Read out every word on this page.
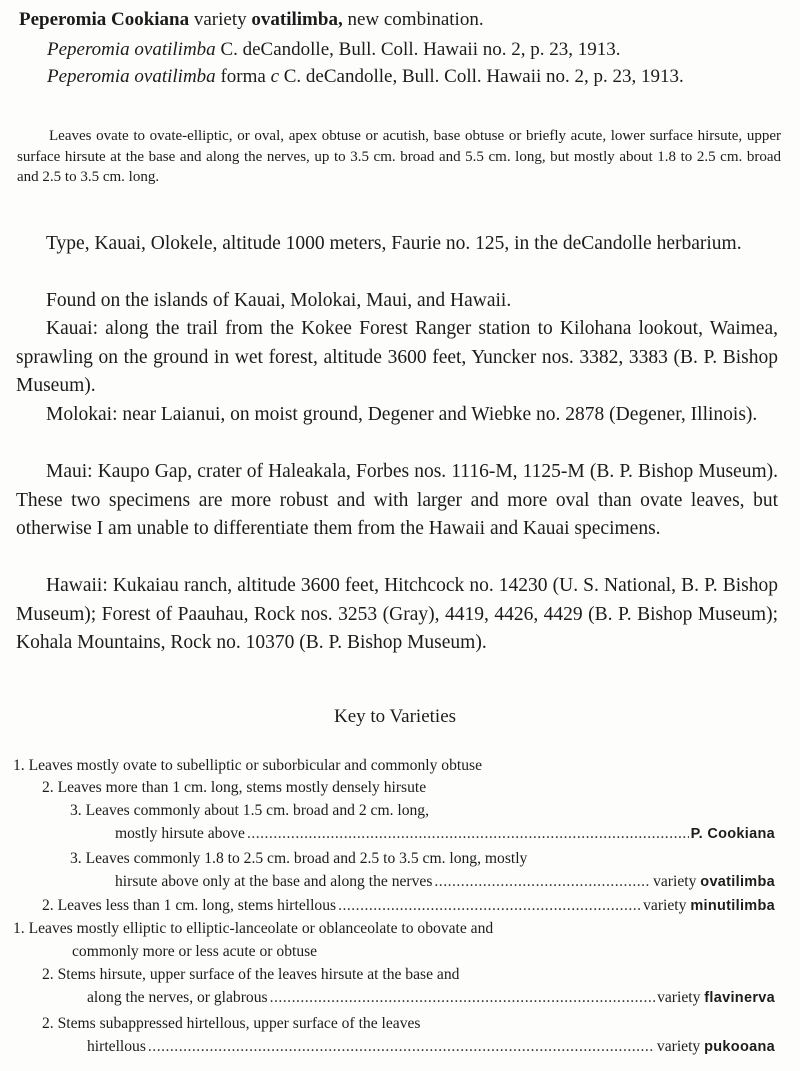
Peperomia Cookiana variety ovatilimba, new combination.
Peperomia ovatilimba C. deCandolle, Bull. Coll. Hawaii no. 2, p. 23, 1913.
Peperomia ovatilimba forma c C. deCandolle, Bull. Coll. Hawaii no. 2, p. 23, 1913.
Leaves ovate to ovate-elliptic, or oval, apex obtuse or acutish, base obtuse or briefly acute, lower surface hirsute, upper surface hirsute at the base and along the nerves, up to 3.5 cm. broad and 5.5 cm. long, but mostly about 1.8 to 2.5 cm. broad and 2.5 to 3.5 cm. long.
Type, Kauai, Olokele, altitude 1000 meters, Faurie no. 125, in the deCandolle herbarium.
Found on the islands of Kauai, Molokai, Maui, and Hawaii.
Kauai: along the trail from the Kokee Forest Ranger station to Kilohana lookout, Waimea, sprawling on the ground in wet forest, altitude 3600 feet, Yuncker nos. 3382, 3383 (B. P. Bishop Museum).
Molokai: near Laianui, on moist ground, Degener and Wiebke no. 2878 (Degener, Illinois).
Maui: Kaupo Gap, crater of Haleakala, Forbes nos. 1116-M, 1125-M (B. P. Bishop Museum). These two specimens are more robust and with larger and more oval than ovate leaves, but otherwise I am unable to differentiate them from the Hawaii and Kauai specimens.
Hawaii: Kukaiau ranch, altitude 3600 feet, Hitchcock no. 14230 (U. S. National, B. P. Bishop Museum); Forest of Paauhau, Rock nos. 3253 (Gray), 4419, 4426, 4429 (B. P. Bishop Museum); Kohala Mountains, Rock no. 10370 (B. P. Bishop Museum).
Key to Varieties
1. Leaves mostly ovate to subelliptic or suborbicular and commonly obtuse
2. Leaves more than 1 cm. long, stems mostly densely hirsute
3. Leaves commonly about 1.5 cm. broad and 2 cm. long,
mostly hirsute above .....	P. Cookiana
3. Leaves commonly 1.8 to 2.5 cm. broad and 2.5 to 3.5 cm. long, mostly
hirsute above only at the base and along the nerves .....	variety ovatilimba
2. Leaves less than 1 cm. long, stems hirtellous .....	variety minutilimba
1. Leaves mostly elliptic to elliptic-lanceolate or oblanceolate to obovate and
commonly more or less acute or obtuse
2. Stems hirsute, upper surface of the leaves hirsute at the base and
along the nerves, or glabrous .....	variety flavinerva
2. Stems subappressed hirtellous, upper surface of the leaves
hirtellous .....	variety pukooana
